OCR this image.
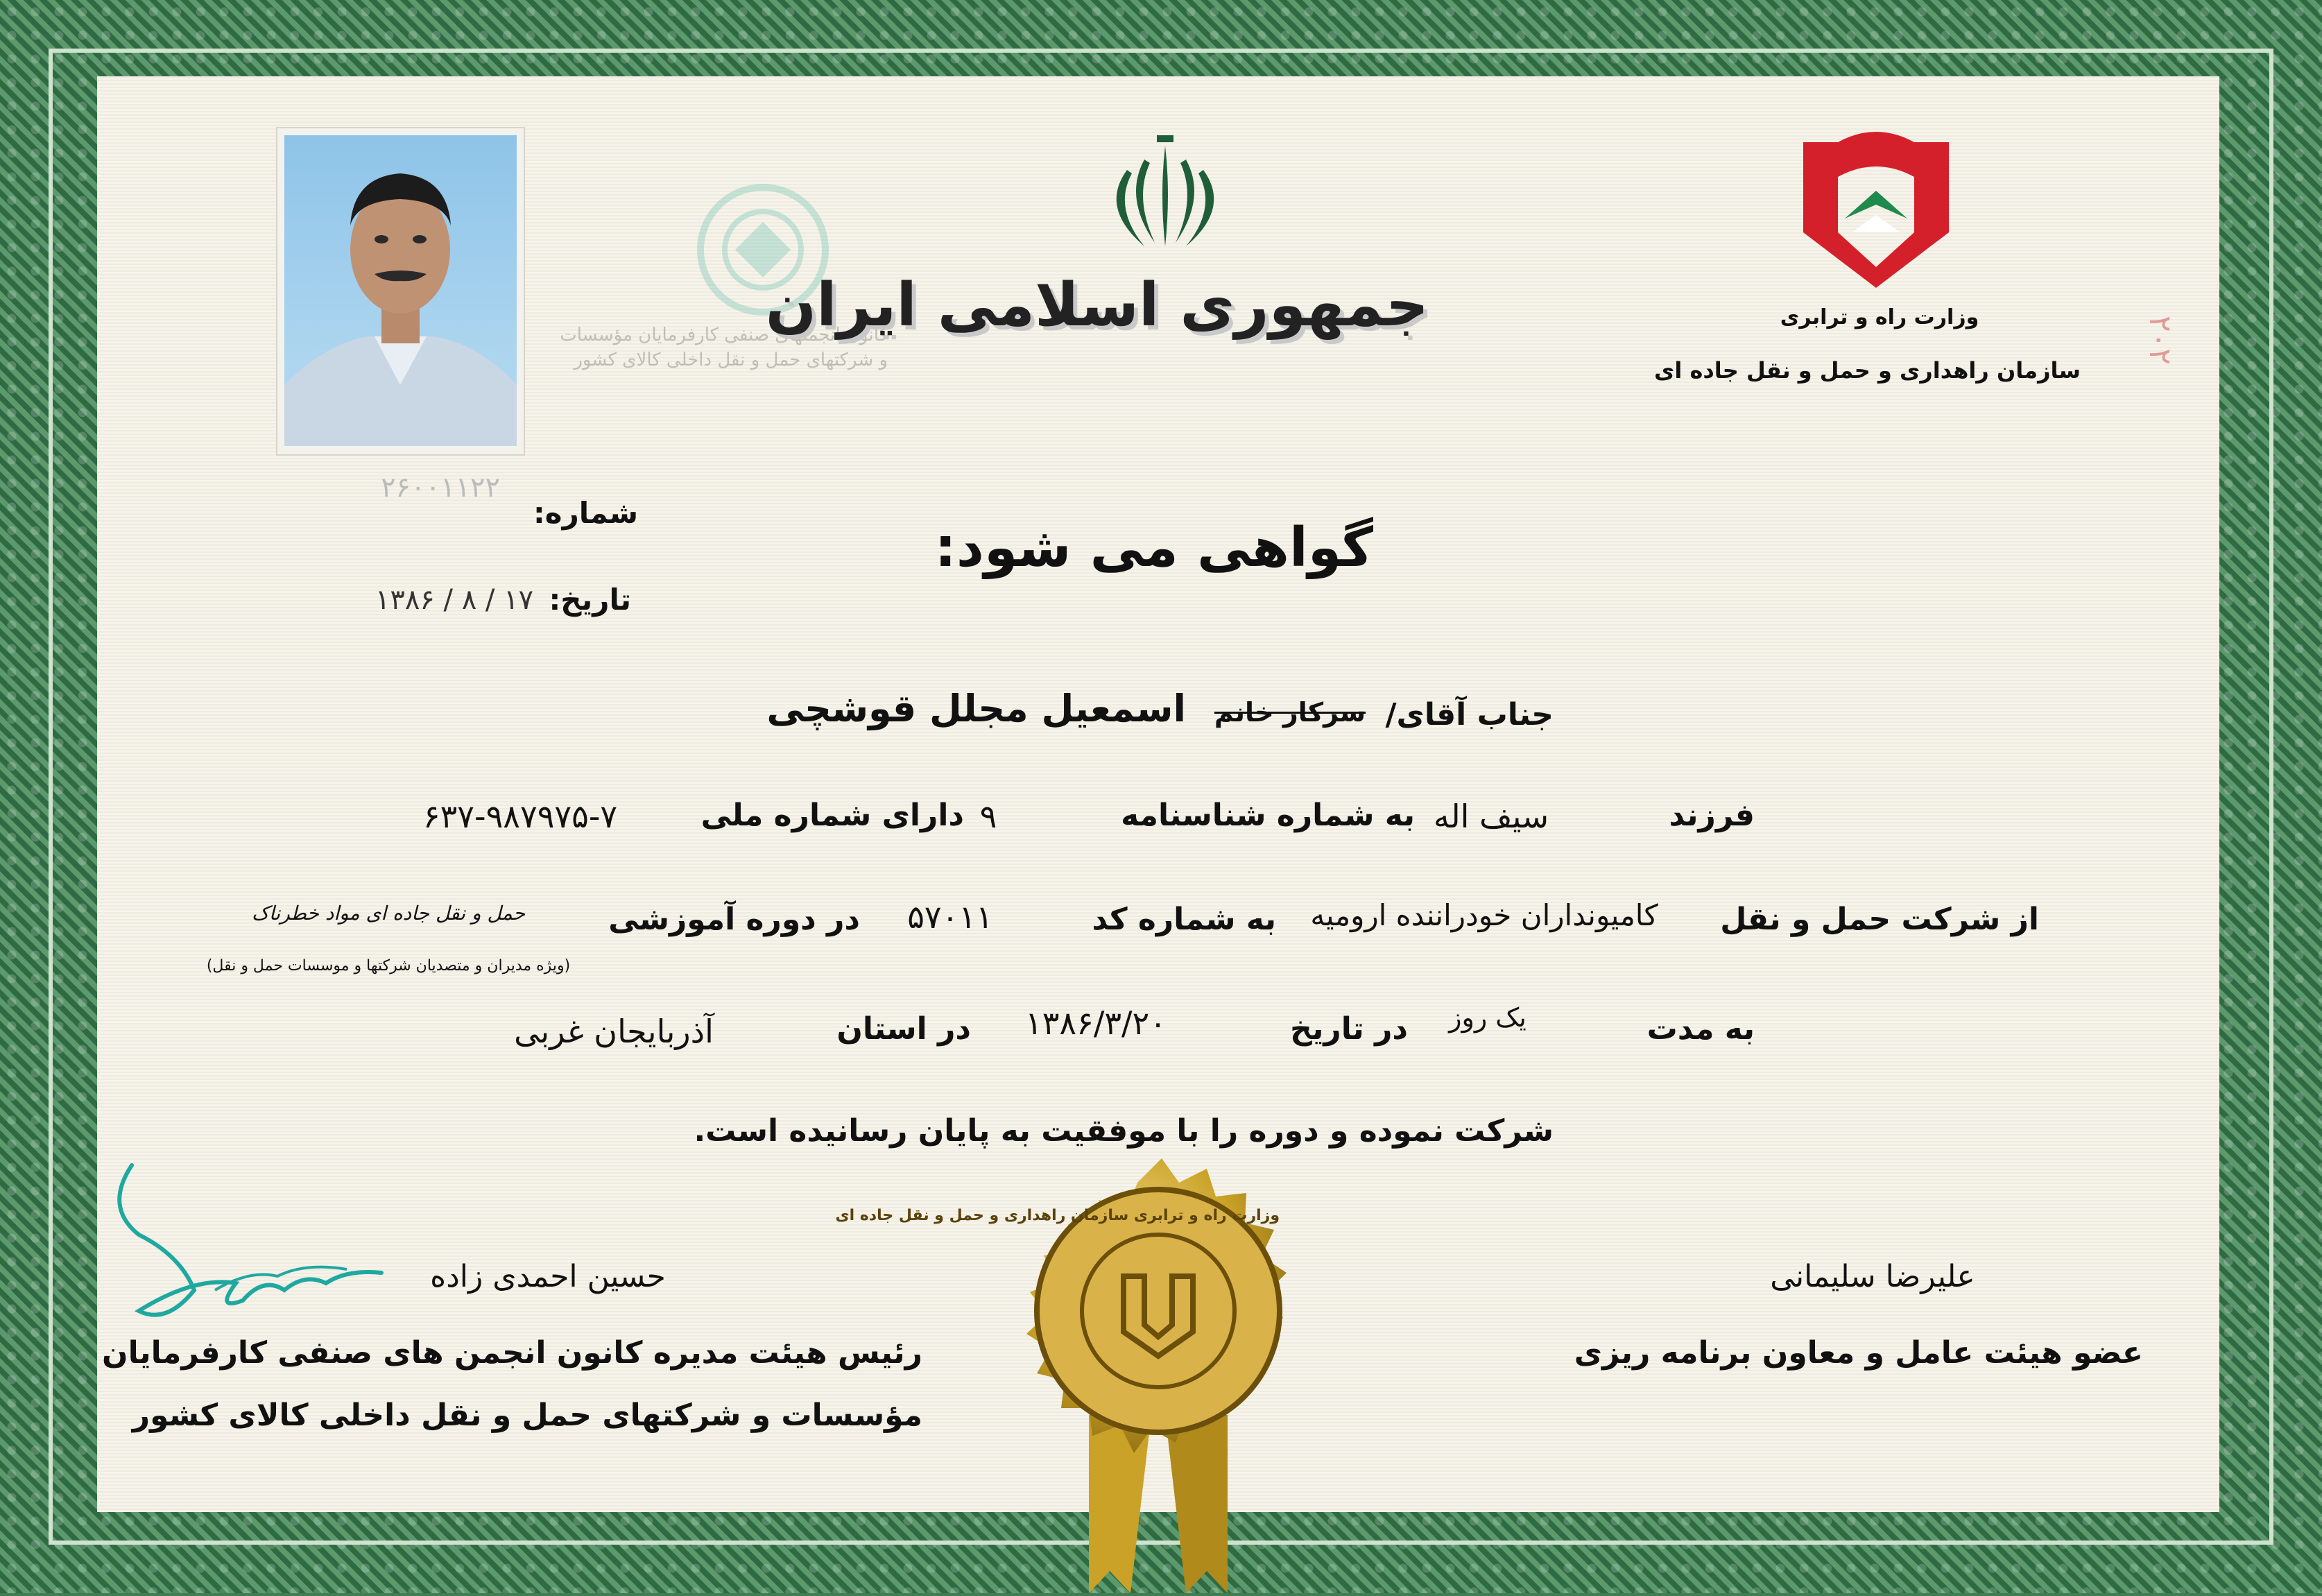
کانون انجمنهای صنفی کارفرمایان مؤسسات
و شرکتهای حمل و نقل داخلی کالای کشور
جمهوری اسلامی ایران	وزارت راه و ترابری
سازمان راهداری و حمل و نقل جاده ای
۲۰۲
شماره:
۲۶۰۰۱۱۲۲
تاریخ:
۱۳۸۶ / ۸ / ۱۷
گواهی می شود:
جناب آقای/
سرکار خانم
اسمعیل مجلل قوشچی
فرزند
سیف اله
به شماره شناسنامه
۹
دارای شماره ملی
۶۳۷-۹۸۷۹۷۵-۷
از شرکت حمل و نقل
کامیونداران خودراننده ارومیه
به شماره کد
۵۷۰۱۱
در دوره آموزشی
حمل و نقل جاده ای مواد خطرناک
(ویژه مدیران و متصدیان شرکتها و موسسات حمل و نقل)
به مدت
یک روز
در تاریخ
۱۳۸۶/۳/۲۰
در استان
آذربایجان غربی
شرکت نموده و دوره را با موفقیت به پایان رسانیده است.
علیرضا سلیمانی
عضو هیئت عامل و معاون برنامه ریزی
حسین احمدی زاده
رئیس هیئت مدیره کانون انجمن های صنفی کارفرمایان
مؤسسات و شرکتهای حمل و نقل داخلی کالای کشور
وزارت راه و ترابری سازمان راهداری و حمل و نقل جاده ای
